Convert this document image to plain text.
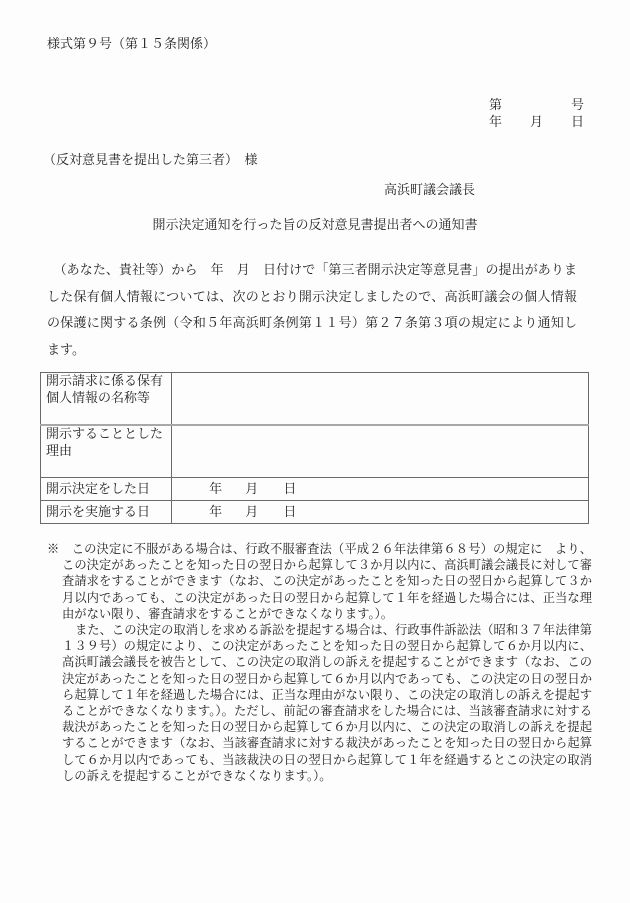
様式第９号（第１５条関係）
第	号
年 月 日
（反対意見書を提出した第三者）　様
高浜町議会議長
開示決定通知を行った旨の反対意見書提出者への通知書
　（あなた、貴社等）から　年　月　日付けで「第三者開示決定等意見書」の提出がありました保有個人情報については、次のとおり開示決定しましたので、高浜町議会の個人情報の保護に関する条例（令和５年高浜町条例第１１号）第２７条第３項の規定により通知します。
開示請求に係る保有
個人情報の名称等	
開示することとした
理由	
開示決定をした日	年 月 日
開示を実施する日	年 月 日

※　この決定に不服がある場合は、行政不服審査法（平成２６年法律第６８号）の規定に　より、この決定があったことを知った日の翌日から起算して３か月以内に、高浜町議会議長に対して審査請求をすることができます（なお、この決定があったことを知った日の翌日から起算して３か月以内であっても、この決定があった日の翌日から起算して１年を経過した場合には、正当な理由がない限り、審査請求をすることができなくなります。）。

また、この決定の取消しを求める訴訟を提起する場合は、行政事件訴訟法（昭和３７年法律第１３９号）の規定により、この決定があったことを知った日の翌日から起算して６か月以内に、高浜町議会議長を被告として、この決定の取消しの訴えを提起することができます（なお、この決定があったことを知った日の翌日から起算して６か月以内であっても、この決定の日の翌日から起算して１年を経過した場合には、正当な理由がない限り、この決定の取消しの訴えを提起することができなくなります。）。ただし、前記の審査請求をした場合には、当該審査請求に対する裁決があったことを知った日の翌日から起算して６か月以内に、この決定の取消しの訴えを提起することができます（なお、当該審査請求に対する裁決があったことを知った日の翌日から起算して６か月以内であっても、当該裁決の日の翌日から起算して１年を経過するとこの決定の取消しの訴えを提起することができなくなります。）。
